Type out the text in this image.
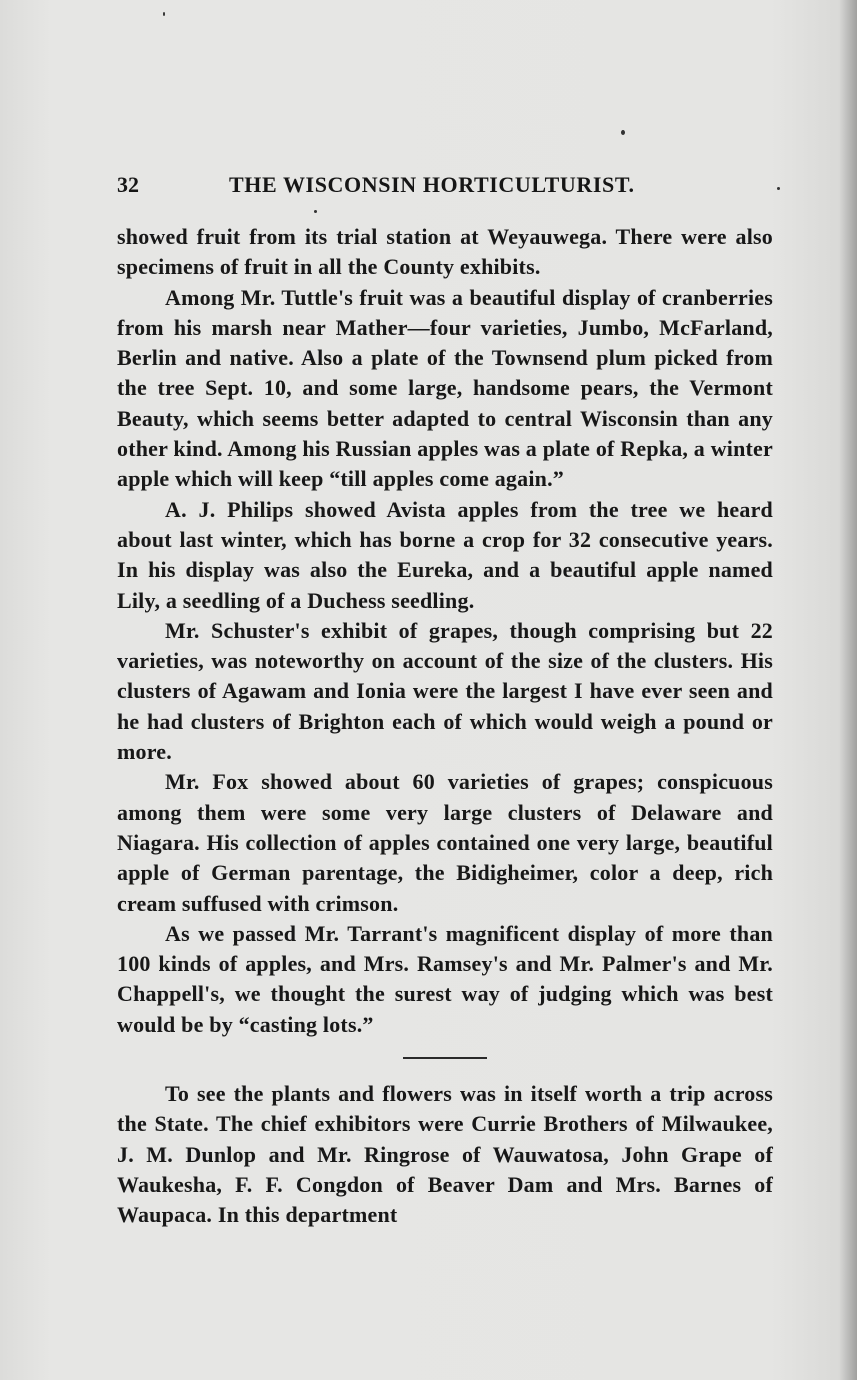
32	THE WISCONSIN HORTICULTURIST.

showed fruit from its trial station at Weyauwega. There were also specimens of fruit in all the County exhibits.

Among Mr. Tuttle's fruit was a beautiful display of cranberries from his marsh near Mather—four varieties, Jumbo, McFarland, Berlin and native. Also a plate of the Townsend plum picked from the tree Sept. 10, and some large, handsome pears, the Vermont Beauty, which seems better adapted to central Wisconsin than any other kind. Among his Russian apples was a plate of Repka, a winter apple which will keep “till apples come again.”

A. J. Philips showed Avista apples from the tree we heard about last winter, which has borne a crop for 32 consecutive years. In his display was also the Eureka, and a beautiful apple named Lily, a seedling of a Duchess seedling.

Mr. Schuster's exhibit of grapes, though comprising but 22 varieties, was noteworthy on account of the size of the clusters. His clusters of Agawam and Ionia were the largest I have ever seen and he had clusters of Brighton each of which would weigh a pound or more.

Mr. Fox showed about 60 varieties of grapes; conspicuous among them were some very large clusters of Delaware and Niagara. His collection of apples contained one very large, beautiful apple of German parentage, the Bidigheimer, color a deep, rich cream suffused with crimson.

As we passed Mr. Tarrant's magnificent display of more than 100 kinds of apples, and Mrs. Ramsey's and Mr. Palmer's and Mr. Chappell's, we thought the surest way of judging which was best would be by “casting lots.”

To see the plants and flowers was in itself worth a trip across the State. The chief exhibitors were Currie Brothers of Milwaukee, J. M. Dunlop and Mr. Ringrose of Wauwatosa, John Grape of Waukesha, F. F. Congdon of Beaver Dam and Mrs. Barnes of Waupaca. In this department
